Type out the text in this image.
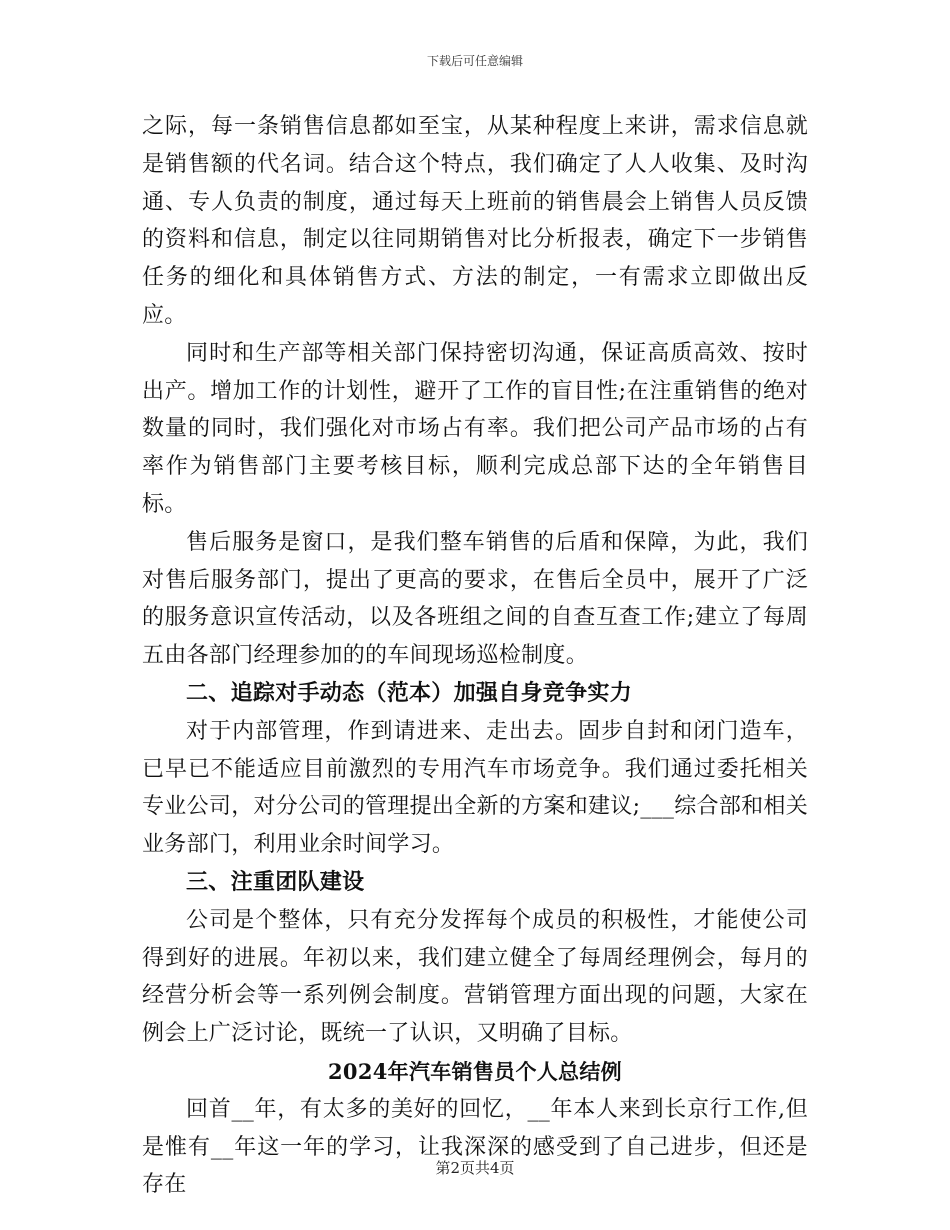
下载后可任意编辑

之际，每一条销售信息都如至宝，从某种程度上来讲，需求信息就是销售额的代名词。结合这个特点，我们确定了人人收集、及时沟通、专人负责的制度，通过每天上班前的销售晨会上销售人员反馈的资料和信息，制定以往同期销售对比分析报表，确定下一步销售任务的细化和具体销售方式、方法的制定，一有需求立即做出反应。

同时和生产部等相关部门保持密切沟通，保证高质高效、按时出产。增加工作的计划性，避开了工作的盲目性;在注重销售的绝对数量的同时，我们强化对市场占有率。我们把公司产品市场的占有率作为销售部门主要考核目标，顺利完成总部下达的全年销售目标。

售后服务是窗口，是我们整车销售的后盾和保障，为此，我们对售后服务部门，提出了更高的要求，在售后全员中，展开了广泛的服务意识宣传活动，以及各班组之间的自查互查工作;建立了每周五由各部门经理参加的的车间现场巡检制度。

二、追踪对手动态（范本）加强自身竞争实力

对于内部管理，作到请进来、走出去。固步自封和闭门造车，已早已不能适应目前激烈的专用汽车市场竞争。我们通过委托相关专业公司，对分公司的管理提出全新的方案和建议;___综合部和相关业务部门，利用业余时间学习。

三、注重团队建设

公司是个整体，只有充分发挥每个成员的积极性，才能使公司得到好的进展。年初以来，我们建立健全了每周经理例会，每月的经营分析会等一系列例会制度。营销管理方面出现的问题，大家在例会上广泛讨论，既统一了认识，又明确了目标。

2024年汽车销售员个人总结例

回首__年，有太多的美好的回忆，__年本人来到长京行工作,但是惟有__年这一年的学习，让我深深的感受到了自己进步，但还是存在

第2页共4页
